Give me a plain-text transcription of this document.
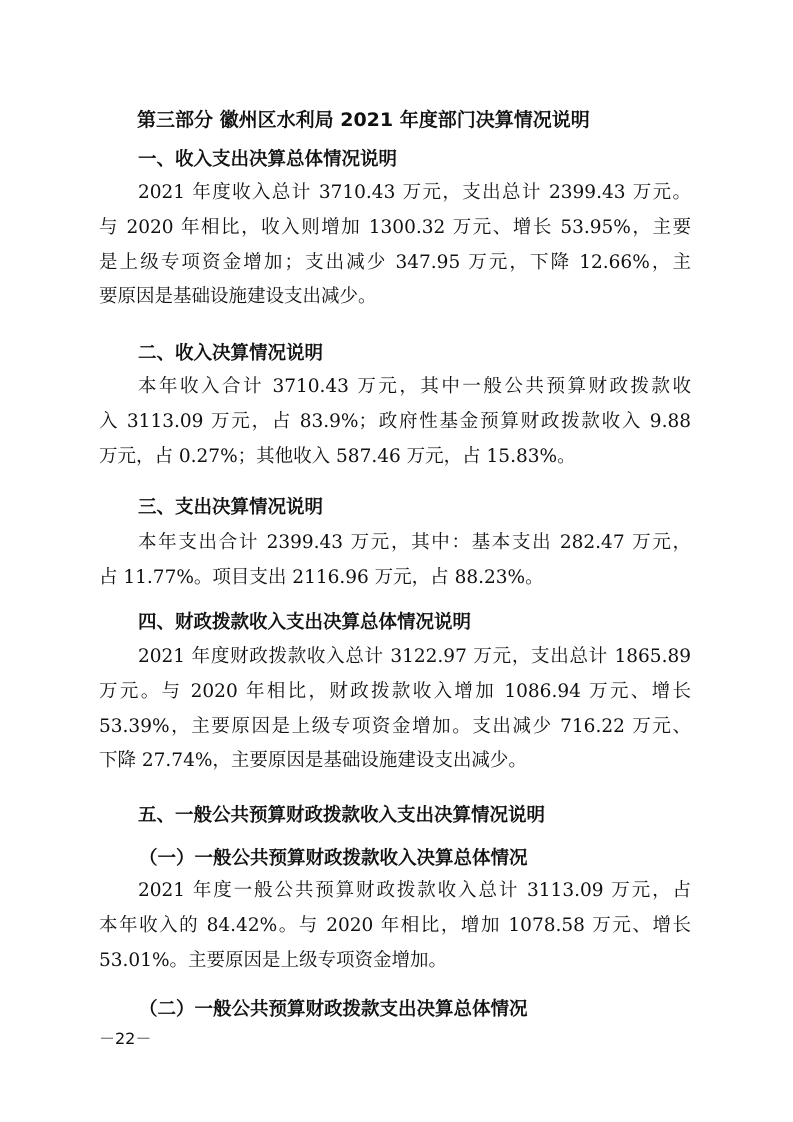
第三部分 徽州区水利局 2021 年度部门决算情况说明
一、收入支出决算总体情况说明
2021 年度收入总计 3710.43 万元，支出总计 2399.43 万元。
与 2020 年相比，收入则增加 1300.32 万元、增长 53.95%，主要
是上级专项资金增加；支出减少 347.95 万元，下降 12.66%，主
要原因是基础设施建设支出减少。
二、收入决算情况说明
本年收入合计 3710.43 万元，其中一般公共预算财政拨款收
入 3113.09 万元，占 83.9%；政府性基金预算财政拨款收入 9.88
万元，占 0.27%；其他收入 587.46 万元，占 15.83%。
三、支出决算情况说明
本年支出合计 2399.43 万元，其中：基本支出 282.47 万元，
占 11.77%。项目支出 2116.96 万元，占 88.23%。
四、财政拨款收入支出决算总体情况说明
2021 年度财政拨款收入总计 3122.97 万元，支出总计 1865.89
万元。与 2020 年相比，财政拨款收入增加 1086.94 万元、增长
53.39%，主要原因是上级专项资金增加。支出减少 716.22 万元、
下降 27.74%，主要原因是基础设施建设支出减少。
五、一般公共预算财政拨款收入支出决算情况说明
（一）一般公共预算财政拨款收入决算总体情况
2021 年度一般公共预算财政拨款收入总计 3113.09 万元，占
本年收入的 84.42%。与 2020 年相比，增加 1078.58 万元、增长
53.01%。主要原因是上级专项资金增加。
（二）一般公共预算财政拨款支出决算总体情况
－22－
